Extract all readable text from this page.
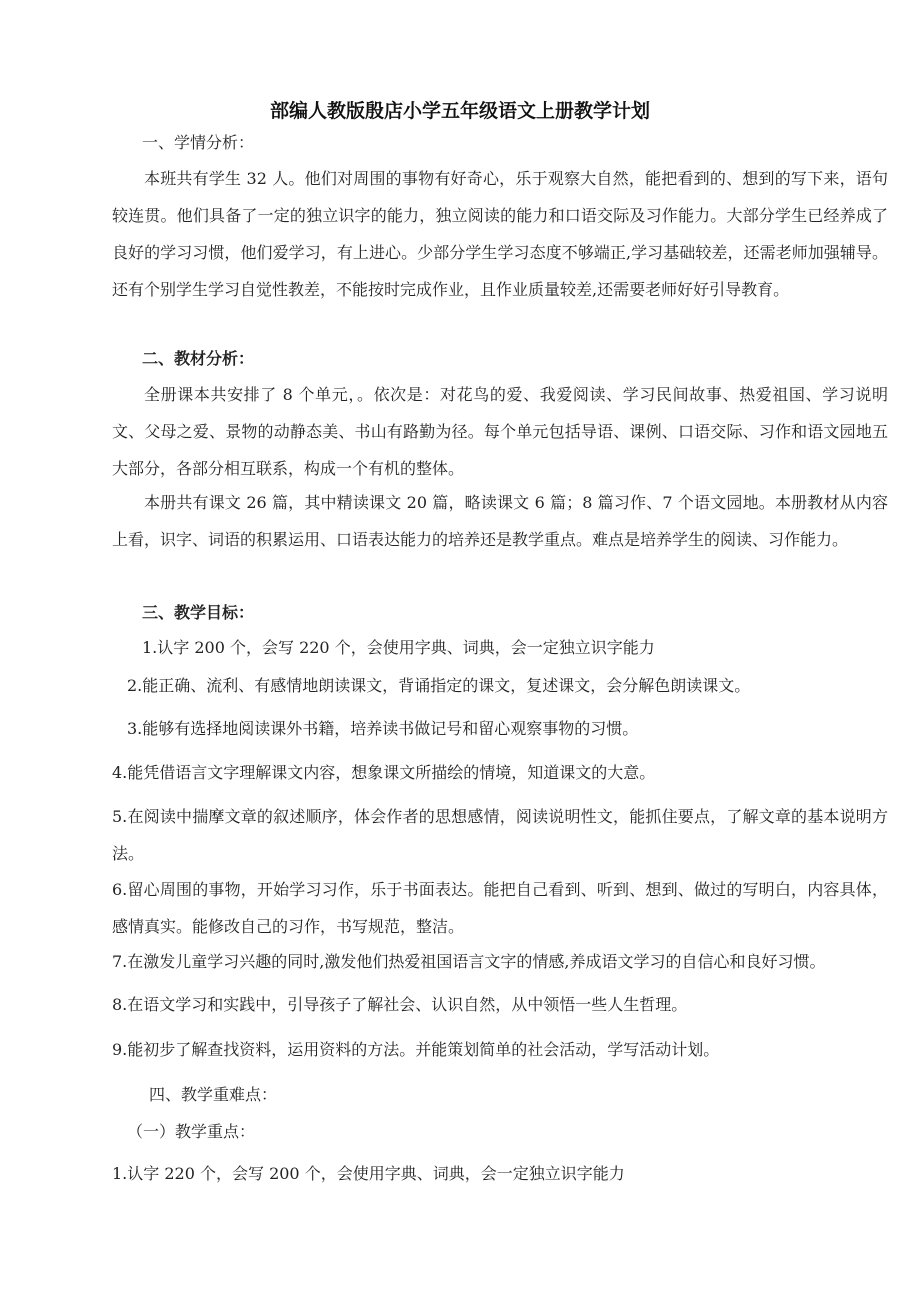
部编人教版殷店小学五年级语文上册教学计划
一、学情分析：
本班共有学生 32 人。他们对周围的事物有好奇心，乐于观察大自然，能把看到的、想到的写下来，语句较连贯。他们具备了一定的独立识字的能力，独立阅读的能力和口语交际及习作能力。大部分学生已经养成了良好的学习习惯，他们爱学习，有上进心。少部分学生学习态度不够端正,学习基础较差，还需老师加强辅导。还有个别学生学习自觉性教差，不能按时完成作业，且作业质量较差,还需要老师好好引导教育。
二、教材分析：
全册课本共安排了 8 个单元，。依次是：对花鸟的爱、我爱阅读、学习民间故事、热爱祖国、学习说明文、父母之爱、景物的动静态美、书山有路勤为径。每个单元包括导语、课例、口语交际、习作和语文园地五大部分，各部分相互联系，构成一个有机的整体。
本册共有课文 26 篇，其中精读课文 20 篇，略读课文 6 篇；8 篇习作、7 个语文园地。本册教材从内容上看，识字、词语的积累运用、口语表达能力的培养还是教学重点。难点是培养学生的阅读、习作能力。
三、教学目标：
1.认字 200 个，会写 220 个，会使用字典、词典，会一定独立识字能力
2.能正确、流利、有感情地朗读课文，背诵指定的课文，复述课文，会分解色朗读课文。
3.能够有选择地阅读课外书籍，培养读书做记号和留心观察事物的习惯。
4.能凭借语言文字理解课文内容，想象课文所描绘的情境，知道课文的大意。
5.在阅读中揣摩文章的叙述顺序，体会作者的思想感情，阅读说明性文，能抓住要点，了解文章的基本说明方法。
6.留心周围的事物，开始学习习作，乐于书面表达。能把自己看到、听到、想到、做过的写明白，内容具体，感情真实。能修改自己的习作，书写规范，整洁。
7.在激发儿童学习兴趣的同时,激发他们热爱祖国语言文字的情感,养成语文学习的自信心和良好习惯。
8.在语文学习和实践中，引导孩子了解社会、认识自然，从中领悟一些人生哲理。
9.能初步了解查找资料，运用资料的方法。并能策划简单的社会活动，学写活动计划。
四、教学重难点：
（一）教学重点：
1.认字 220 个，会写 200 个，会使用字典、词典，会一定独立识字能力
